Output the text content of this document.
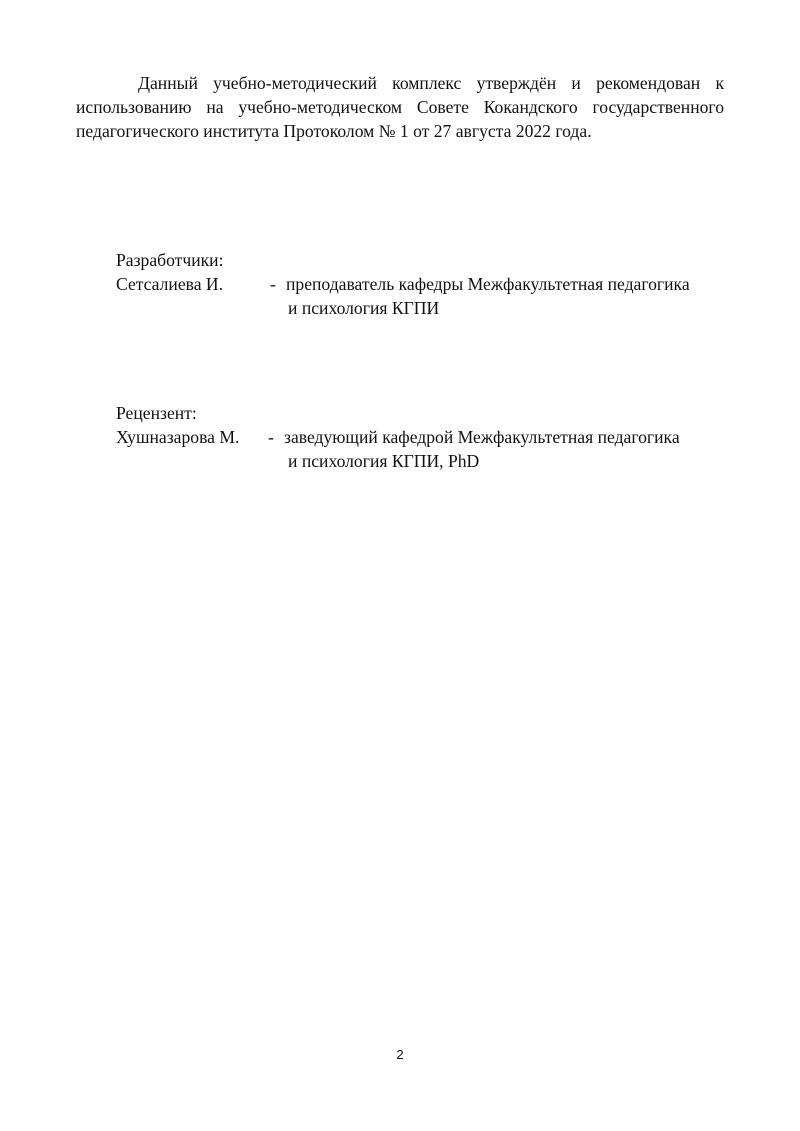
Данный учебно-методический комплекс утверждён и рекомендован к использованию на учебно-методическом Совете Кокандского государственного педагогического института Протоколом № 1 от 27 августа 2022 года.

Разработчики:
Сетсалиева И.	- преподаватель кафедры Межфакультетная педагогика
и психология КГПИ
Рецензент:
Хушназарова М. - заведующий кафедрой Межфакультетная педагогика
и психология КГПИ, PhD
2
